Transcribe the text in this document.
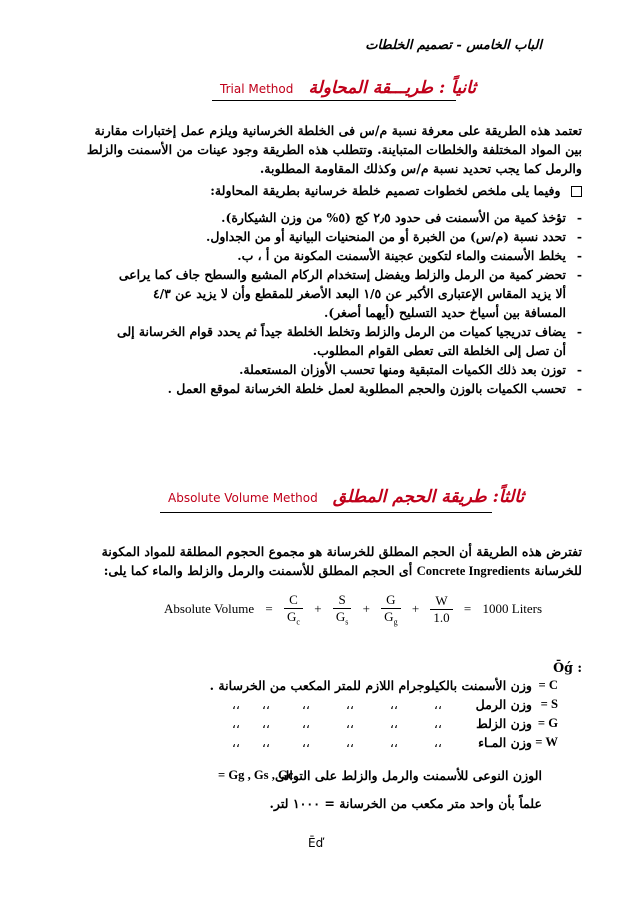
الباب الخامس - تصميم الخلطات
Trial Method ثانياً : طريـــقة المحاولة
تعتمد هذه الطريقة على معرفة نسبة م/س فى الخلطة الخرسانية ويلزم عمل إختبارات مقارنة
بين المواد المختلفة والخلطات المتباينة. وتتطلب هذه الطريقة وجود عينات من الأسمنت والزلط
والرمل كما يجب تحديد نسبة م/س وكذلك المقاومة المطلوبة.
وفيما يلى ملخص لخطوات تصميم خلطة خرسانية بطريقة المحاولة:
-
تؤخذ كمية من الأسمنت فى حدود ٢٫٥ كج (٥% من وزن الشيكارة).
-
تحدد نسبة (م/س) من الخبرة أو من المنحنيات البيانية أو من الجداول.
-
يخلط الأسمنت والماء لتكوين عجينة الأسمنت المكونة من أ ، ب.
-
تحضر كمية من الرمل والزلط ويفضل إستخدام الركام المشبع والسطح جاف كما يراعى
ألا يزيد المقاس الإعتبارى الأكبر عن ١/٥ البعد الأصغر للمقطع وأن لا يزيد عن ٤/٣
المسافة بين أسياخ حديد التسليح (أيهما أصغر).
-
يضاف تدريجيا كميات من الرمل والزلط وتخلط الخلطة جيداً ثم يحدد قوام الخرسانة إلى
أن تصل إلى الخلطة التى تعطى القوام المطلوب.
-
توزن بعد ذلك الكميات المتبقية ومنها تحسب الأوزان المستعملة.
-
تحسب الكميات بالوزن والحجم المطلوبة لعمل خلطة الخرسانة لموقع العمل .
Absolute Volume Method ثالثاً: طريقة الحجم المطلق
تفترض هذه الطريقة أن الحجم المطلق للخرسانة هو مجموع الحجوم المطلقة للمواد المكونة
للخرسانة Concrete Ingredients أى الحجم المطلق للأسمنت والرمل والزلط والماء كما يلى:
Absolute Volume = $\frac{C}{G_c} + \frac{S}{G_s} + \frac{G}{G_g} + \frac{W}{1.0} = 1000$ Liters
: Ōǵ
= C
وزن الأسمنت بالكيلوجرام اللازم للمتر المكعب من الخرسانة .
= S
وزن الرمل
،،
،،
،،
،،
،،
،،
= G
وزن الزلط
،،
،،
،،
،،
،،
،،
= W
وزن المـاء
،،
،،
،،
،،
،،
،،
الوزن النوعى للأسمنت والرمل والزلط على التوالى
= Gg , Gs , Gc
علماً بأن واحد متر مكعب من الخرسانة = ١٠٠٠ لتر.
Ēď
